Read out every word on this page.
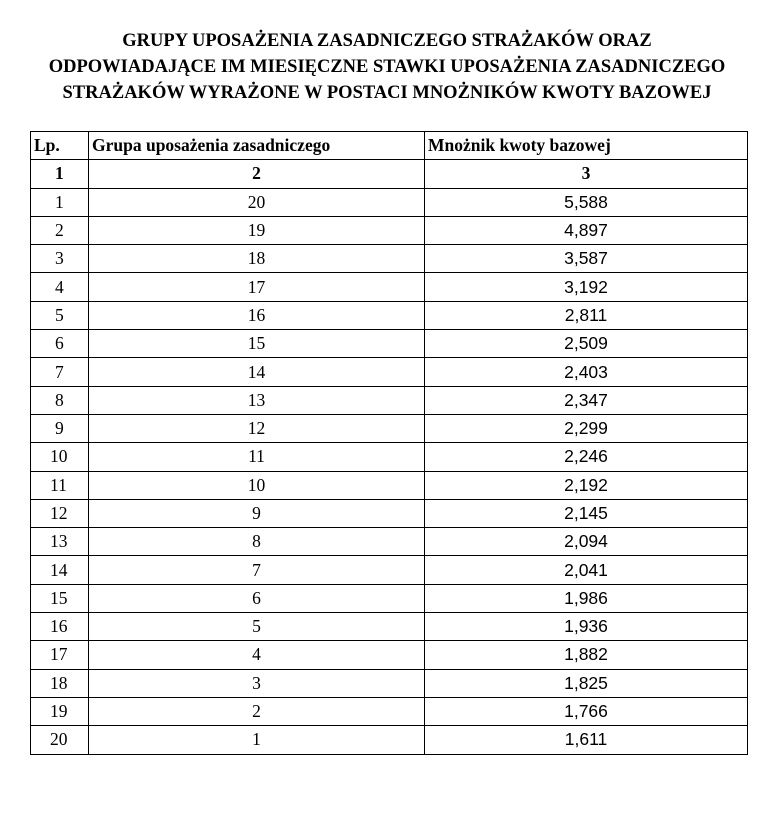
GRUPY UPOSAŻENIA ZASADNICZEGO STRAŻAKÓW ORAZ
ODPOWIADAJĄCE IM MIESIĘCZNE STAWKI UPOSAŻENIA ZASADNICZEGO
STRAŻAKÓW WYRAŻONE W POSTACI MNOŻNIKÓW KWOTY BAZOWEJ
Lp.	Grupa uposażenia zasadniczego	Mnożnik kwoty bazowej
1	2	3
1	20	5,588
2	19	4,897
3	18	3,587
4	17	3,192
5	16	2,811
6	15	2,509
7	14	2,403
8	13	2,347
9	12	2,299
10	11	2,246
11	10	2,192
12	9	2,145
13	8	2,094
14	7	2,041
15	6	1,986
16	5	1,936
17	4	1,882
18	3	1,825
19	2	1,766
20	1	1,611
